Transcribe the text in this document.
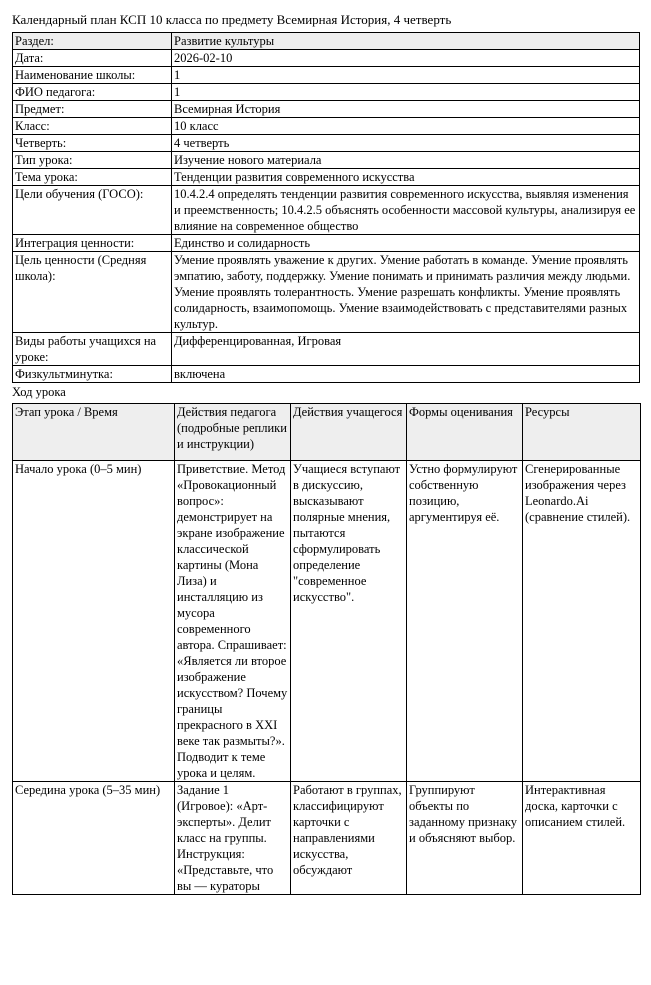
Календарный план КСП 10 класса по предмету Всемирная История, 4 четверть
Раздел:	Развитие культуры
Дата:	2026-02-10
Наименование школы:	1
ФИО педагога:	1
Предмет:	Всемирная История
Класс:	10 класс
Четверть:	4 четверть
Тип урока:	Изучение нового материала
Тема урока:	Тенденции развития современного искусства
Цели обучения (ГОСО):	10.4.2.4 определять тенденции развития современного искусства, выявляя изменения и преемственность; 10.4.2.5 объяснять особенности массовой культуры, анализируя ее влияние на современное общество
Интеграция ценности:	Единство и солидарность
Цель ценности (Средняя школа):	Умение проявлять уважение к других. Умение работать в команде. Умение проявлять эмпатию, заботу, поддержку. Умение понимать и принимать различия между людьми. Умение проявлять толерантность. Умение разрешать конфликты. Умение проявлять солидарность, взаимопомощь. Умение взаимодействовать с представителями разных культур.
Виды работы учащихся на уроке:	Дифференцированная, Игровая
Физкультминутка:	включена
Ход урока
Этап урока / Время	Действия педагога (подробные реплики и инструкции)	Действия учащегося	Формы оценивания	Ресурсы
Начало урока (0–5 мин)	Приветствие. Метод «Провокационный вопрос»: демонстрирует на экране изображение классической картины (Мона Лиза) и инсталляцию из мусора современного автора. Спрашивает: «Является ли второе изображение искусством? Почему границы прекрасного в XXI веке так размыты?». Подводит к теме урока и целям.	Учащиеся вступают в дискуссию, высказывают полярные мнения, пытаются сформулировать определение "современное искусство".	Устно формулируют собственную позицию, аргументируя её.	Сгенерированные изображения через Leonardo.Ai (сравнение стилей).
Середина урока (5–35 мин)	Задание 1 (Игровое): «Арт-эксперты». Делит класс на группы. Инструкция: «Представьте, что вы — кураторы	Работают в группах, классифицируют карточки с направлениями искусства, обсуждают	Группируют объекты по заданному признаку и объясняют выбор.	Интерактивная доска, карточки с описанием стилей.
